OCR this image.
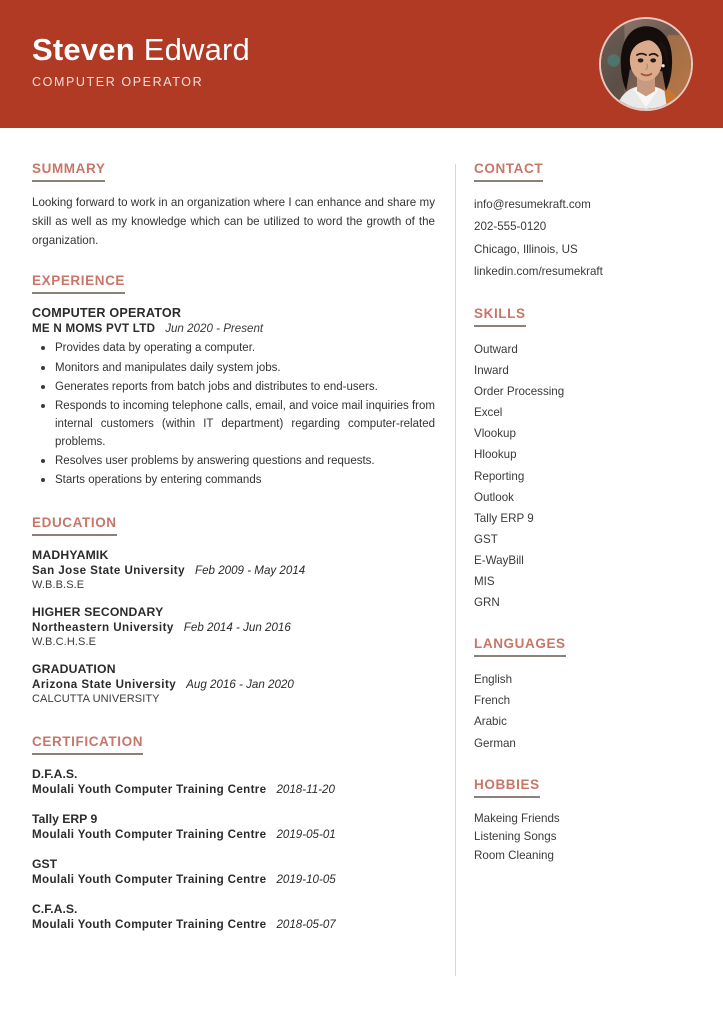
Steven Edward
COMPUTER OPERATOR
SUMMARY
Looking forward to work in an organization where I can enhance and share my skill as well as my knowledge which can be utilized to word the growth of the organization.
EXPERIENCE
COMPUTER OPERATOR
ME N MOMS PVT LTD Jun 2020 - Present
Provides data by operating a computer.
Monitors and manipulates daily system jobs.
Generates reports from batch jobs and distributes to end-users.
Responds to incoming telephone calls, email, and voice mail inquiries from internal customers (within IT department) regarding computer-related problems.
Resolves user problems by answering questions and requests.
Starts operations by entering commands
EDUCATION
MADHYAMIK
San Jose State University Feb 2009 - May 2014
W.B.B.S.E
HIGHER SECONDARY
Northeastern University Feb 2014 - Jun 2016
W.B.C.H.S.E
GRADUATION
Arizona State University Aug 2016 - Jan 2020
CALCUTTA UNIVERSITY
CERTIFICATION
D.F.A.S.
Moulali Youth Computer Training Centre 2018-11-20
Tally ERP 9
Moulali Youth Computer Training Centre 2019-05-01
GST
Moulali Youth Computer Training Centre 2019-10-05
C.F.A.S.
Moulali Youth Computer Training Centre 2018-05-07
CONTACT
info@resumekraft.com
202-555-0120
Chicago, Illinois, US
linkedin.com/resumekraft
SKILLS
Outward
Inward
Order Processing
Excel
Vlookup
Hlookup
Reporting
Outlook
Tally ERP 9
GST
E-WayBill
MIS
GRN
LANGUAGES
English
French
Arabic
German
HOBBIES
Makeing Friends
Listening Songs
Room Cleaning
